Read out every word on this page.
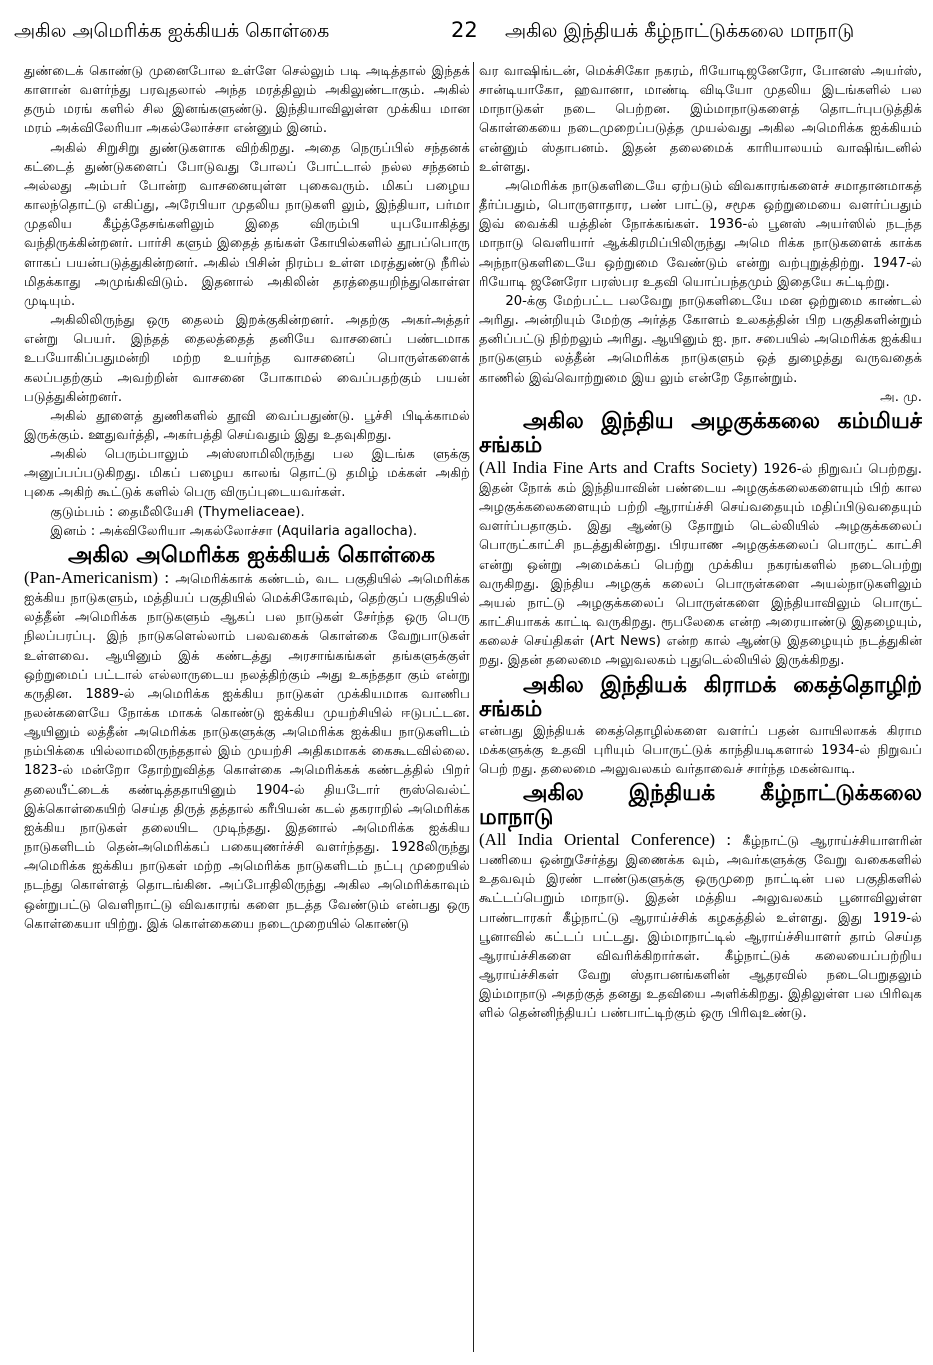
அகில அமெரிக்க ஐக்கியக் கொள்கை	22 அகில இந்தியக் கீழ்நாட்டுக்கலை மாநாடு

துண்டைக் கொண்டு முனைபோல உள்ளே செல்லும் படி அடித்தால் இந்தக் காளான் வளர்ந்து பரவுதலால் அந்த மரத்திலும் அகிலுண்டாகும். அகில் தரும் மரங் களில் சில இனங்களுண்டு. இந்தியாவிலுள்ள முக்கிய மான மரம் அக்விலேரியா அகல்லோச்சா என்னும் இனம்.

அகில் சிறுசிறு துண்டுகளாக விற்கிறது. அதை நெருப்பில் சந்தனக் கட்டைத் துண்டுகளைப் போடுவது போலப் போட்டால் நல்ல சந்தனம் அல்லது அம்பர் போன்ற வாசனையுள்ள புகைவரும். மிகப் பழைய காலந்தொட்டு எகிப்து, அரேபியா முதலிய நாடுகளி லும், இந்தியா, பர்மா முதலிய கீழ்த்தேசங்களிலும் இதை விரும்பி யுபயோகித்து வந்திருக்கின்றனர். பார்சி களும் இதைத் தங்கள் கோயில்களில் தூபப்பொரு ளாகப் பயன்படுத்துகின்றனர். அகில் பிசின் நிரம்ப உள்ள மரத்துண்டு நீரில் மிதக்காது அமுங்கிவிடும். இதனால் அகிலின் தரத்தையறிந்துகொள்ள முடியும்.

அகிலிலிருந்து ஒரு தைலம் இறக்குகின்றனர். அதற்கு அகர்அத்தர் என்று பெயர். இந்தத் தைலத்தைத் தனியே வாசனைப் பண்டமாக உபயோகிப்பதுமன்றி மற்ற உயர்ந்த வாசனைப் பொருள்களைக் கலப்பதற்கும் அவற்றின் வாசனை போகாமல் வைப்பதற்கும் பயன் படுத்துகின்றனர்.

அகில் தூளைத் துணிகளில் தூவி வைப்பதுண்டு. பூச்சி பிடிக்காமல் இருக்கும். ஊதுவர்த்தி, அகர்பத்தி செய்வதும் இது உதவுகிறது.

அகில் பெரும்பாலும் அஸ்ஸாமிலிருந்து பல இடங்க ளுக்கு அனுப்பப்படுகிறது. மிகப் பழைய காலங் தொட்டு தமிழ் மக்கள் அகிற் புகை அகிற் கூட்டுக் களில் பெரு விருப்புடையவர்கள்.

குடும்பம் : தைமீலியேசி (Thymeliaceae).

இனம் : அக்விலேரியா அகல்லோச்சா (Aquilaria agallocha).

அகில அமெரிக்க ஐக்கியக் கொள்கை

(Pan-Americanism) : அமெரிக்காக் கண்டம், வட பகுதியில் அமெரிக்க ஐக்கிய நாடுகளும், மத்தியப் பகுதியில் மெக்சிகோவும், தெற்குப் பகுதியில் லத்தீன் அமெரிக்க நாடுகளும் ஆகப் பல நாடுகள் சேர்ந்த ஒரு பெரு நிலப்பரப்பு. இந் நாடுகளெல்லாம் பலவகைக் கொள்கை வேறுபாடுகள் உள்ளவை. ஆயினும் இக் கண்டத்து அரசாங்கங்கள் தங்களுக்குள் ஒற்றுமைப் பட்டால் எல்லாருடைய நலத்திற்கும் அது உகந்ததா கும் என்று கருதின. 1889-ல் அமெரிக்க ஐக்கிய நாடுகள் முக்கியமாக வாணிப நலன்களையே நோக்க மாகக் கொண்டு ஐக்கிய முயற்சியில் ஈடுபட்டன. ஆயினும் லத்தீன் அமெரிக்க நாடுகளுக்கு அமெரிக்க ஐக்கிய நாடுகளிடம் நம்பிக்கை யில்லாமலிருந்ததால் இம் முயற்சி அதிகமாகக் கைகூடவில்லை. 1823-ல் மன்றோ தோற்றுவித்த கொள்கை அமெரிக்கக் கண்டத்தில் பிறர் தலையீட்டைக் கண்டித்ததாயினும் 1904-ல் தியடோர் ரூஸ்வெல்ட் இக்கொள்கையிற் செய்த திருத் தத்தால் கரீபியன் கடல் தகராறில் அமெரிக்க ஐக்கிய நாடுகள் தலையிட முடிந்தது. இதனால் அமெரிக்க ஐக்கிய நாடுகளிடம் தென்அமெரிக்கப் பகையுணர்ச்சி வளர்ந்தது. 1928லிருந்து அமெரிக்க ஐக்கிய நாடுகள் மற்ற அமெரிக்க நாடுகளிடம் நட்பு முறையில் நடந்து கொள்ளத் தொடங்கின. அப்போதிலிருந்து அகில அமெரிக்காவும் ஒன்றுபட்டு வெளிநாட்டு விவகாரங் களை நடத்த வேண்டும் என்பது ஒரு கொள்கையா யிற்று. இக் கொள்கையை நடைமுறையில் கொண்டு

வர வாஷிங்டன், மெக்சிகோ நகரம், ரியோடிஜனேரோ, போனஸ் அயர்ஸ், சான்டியாகோ, ஹவானா, மாண்டி விடியோ முதலிய இடங்களில் பல மாநாடுகள் நடை பெற்றன. இம்மாநாடுகளைத் தொடர்புபடுத்திக் கொள்கையை நடைமுறைப்படுத்த முயல்வது அகில அமெரிக்க ஐக்கியம் என்னும் ஸ்தாபனம். இதன் தலைமைக் காரியாலயம் வாஷிங்டனில் உள்ளது.

அமெரிக்க நாடுகளிடையே ஏற்படும் விவகாரங்களைச் சமாதானமாகத் தீர்ப்பதும், பொருளாதார, பண் பாட்டு, சமூக ஒற்றுமையை வளர்ப்பதும் இவ் வைக்கி யத்தின் நோக்கங்கள். 1936-ல் பூனஸ் அயர்ஸில் நடந்த மாநாடு வெளியார் ஆக்கிரமிப்பிலிருந்து அமெ ரிக்க நாடுகளைக் காக்க அந்நாடுகளிடையே ஒற்றுமை வேண்டும் என்று வற்புறுத்திற்று. 1947-ல் ரியோடி ஜனேரோ பரஸ்பர உதவி யொப்பந்தமும் இதையே சுட்டிற்று.

20-க்கு மேற்பட்ட பலவேறு நாடுகளிடையே மன ஒற்றுமை காண்டல் அரிது. அன்றியும் மேற்கு அர்த்த கோளம் உலகத்தின் பிற பகுதிகளின்றும் தனிப்பட்டு நிற்றலும் அரிது. ஆயினும் ஐ. நா. சபையில் அமெரிக்க ஐக்கிய நாடுகளும் லத்தீன் அமெரிக்க நாடுகளும் ஒத் துழைத்து வருவதைக் காணில் இவ்வொற்றுமை இய லும் என்றே தோன்றும்.

அ. மு.

அகில இந்திய அழகுக்கலை கம்மியச் சங்கம்

(All India Fine Arts and Crafts Society) 1926-ல் நிறுவப் பெற்றது. இதன் நோக் கம் இந்தியாவின் பண்டைய அழகுக்கலைகளையும் பிற் கால அழகுக்கலைகளையும் பற்றி ஆராய்ச்சி செய்வதையும் மதிப்பிடுவதையும் வளர்ப்பதாகும். இது ஆண்டு தோறும் டெல்லியில் அழகுக்கலைப் பொருட்காட்சி நடத்துகின்றது. பிரயாண அழகுக்கலைப் பொருட் காட்சி என்று ஒன்று அமைக்கப் பெற்று முக்கிய நகரங்களில் நடைபெற்று வருகிறது. இந்திய அழகுக் கலைப் பொருள்களை அயல்நாடுகளிலும் அயல் நாட்டு அழகுக்கலைப் பொருள்களை இந்தியாவிலும் பொருட் காட்சியாகக் காட்டி வருகிறது. ரூபலேகை என்ற அரையாண்டு இதழையும், கலைச் செய்திகள் (Art News) என்ற கால் ஆண்டு இதழையும் நடத்துகின் றது. இதன் தலைமை அலுவலகம் புதுடெல்லியில் இருக்கிறது.

அகில இந்தியக் கிராமக் கைத்தொழிற் சங்கம்

என்பது இந்தியக் கைத்தொழில்களை வளர்ப் பதன் வாயிலாகக் கிராம மக்களுக்கு உதவி புரியும் பொருட்டுக் காந்தியடிகளால் 1934-ல் நிறுவப் பெற் றது. தலைமை அலுவலகம் வர்தாவைச் சார்ந்த மகன்வாடி.

அகில இந்தியக் கீழ்நாட்டுக்கலை மாநாடு

(All India Oriental Conference) : கீழ்நாட்டு ஆராய்ச்சியாளரின் பணியை ஒன்றுசேர்த்து இணைக்க வும், அவர்களுக்கு வேறு வகைகளில் உதவவும் இரண் டாண்டுகளுக்கு ஒருமுறை நாட்டின் பல பகுதிகளில் கூட்டப்பெறும் மாநாடு. இதன் மத்திய அலுவலகம் பூனாவிலுள்ள பாண்டாரகர் கீழ்நாட்டு ஆராய்ச்சிக் கழகத்தில் உள்ளது. இது 1919-ல் பூனாவில் கட்டப் பட்டது. இம்மாநாட்டில் ஆராய்ச்சியாளர் தாம் செய்த ஆராய்ச்சிகளை விவரிக்கிறார்கள். கீழ்நாட்டுக் கலையைப்பற்றிய ஆராய்ச்சிகள் வேறு ஸ்தாபனங்களின் ஆதரவில் நடைபெறுதலும் இம்மாநாடு அதற்குத் தனது உதவியை அளிக்கிறது. இதிலுள்ள பல பிரிவுக ளில் தென்னிந்தியப் பண்பாட்டிற்கும் ஒரு பிரிவுஉண்டு.
